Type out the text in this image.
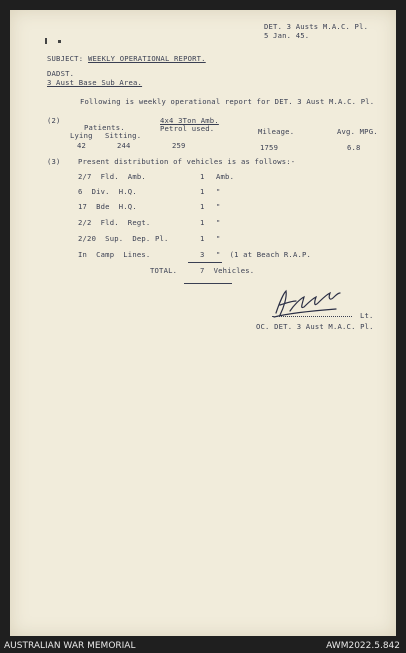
DET. 3 Austs M.A.C. Pl.
5 Jan. 45.
SUBJECT: WEEKLY OPERATIONAL REPORT.
DADST.
3 Aust Base Sub Area.
Following is weekly operational report for DET. 3 Aust M.A.C. Pl.
(2)	4x4 3Ton Amb.
Patients.	Petrol used.	Mileage.	Avg. MPG.
Lying Sitting.
42	244	259	1759	6.8
(3) Present distribution of vehicles is as follows:-
2/7  Fld.  Amb.	1 Amb.
6  Div.  H.Q.	1 "
17  Bde  H.Q.	1 "
2/2  Fld.  Regt.	1 "
2/20  Sup.  Dep. Pl.	1 "
In  Camp  Lines.	3 "  (1 at Beach R.A.P.
TOTAL.	7  Vehicles.
Lt.
OC. DET. 3 Aust M.A.C. Pl.
AUSTRALIAN WAR MEMORIAL	AWM2022.5.842
